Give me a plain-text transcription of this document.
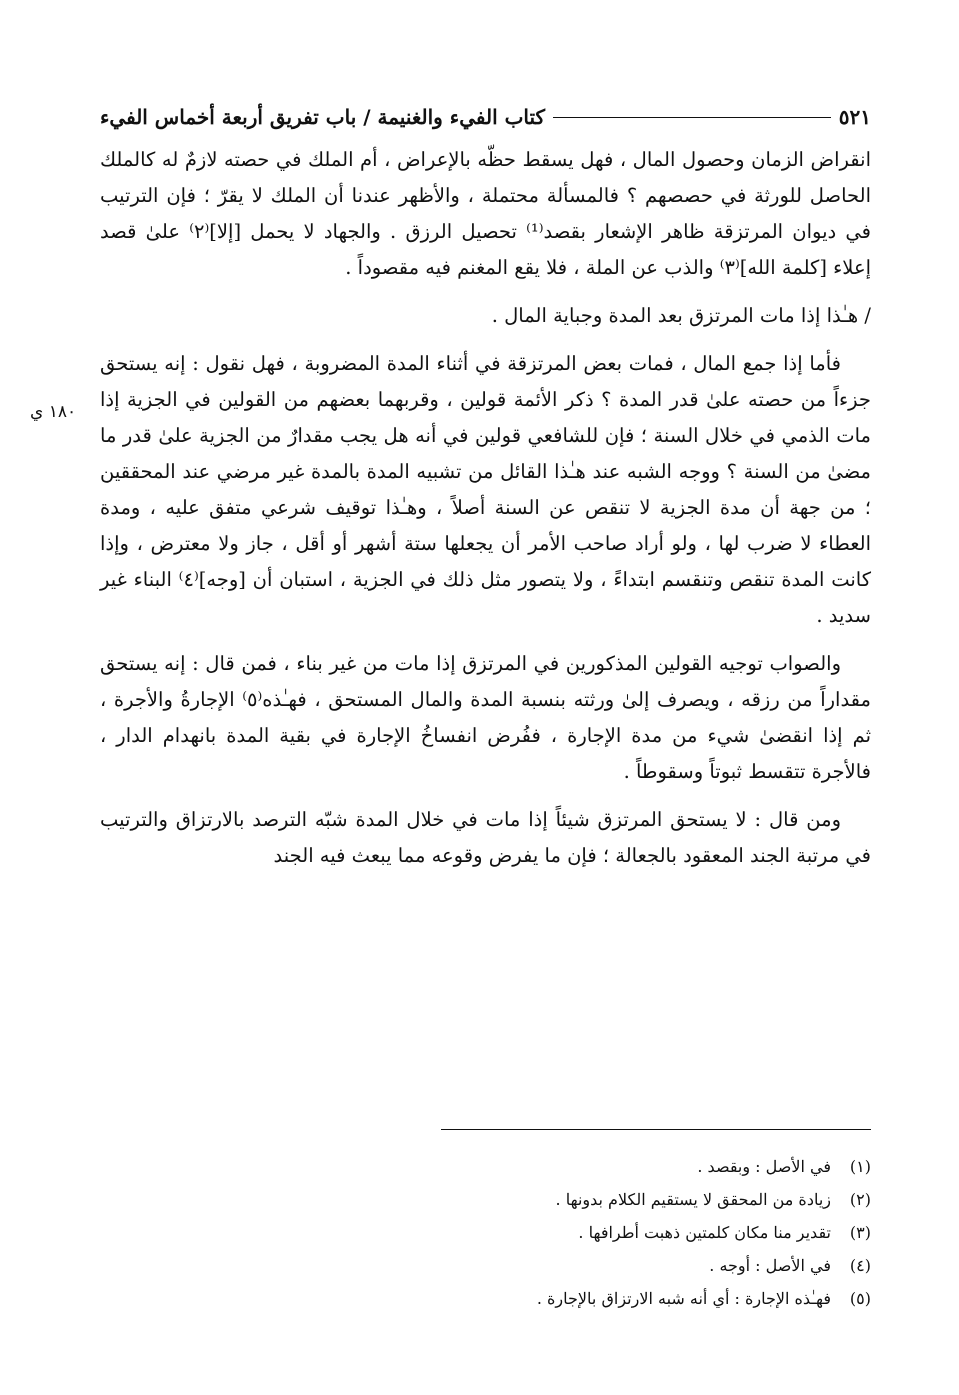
كتاب الفيء والغنيمة / باب تفريق أربعة أخماس الفيء	٥٢١
١٨٠ ي

انقراض الزمان وحصول المال ، فهل يسقط حظّه بالإعراض ، أم الملك في حصته لازمٌ له كالملك الحاصل للورثة في حصصهم ؟ فالمسألة محتملة ، والأظهر عندنا أن الملك لا يقرّ ؛ فإن الترتيب في ديوان المرتزقة ظاهر الإشعار بقصد⁽¹⁾ تحصيل الرزق . والجهاد لا يحمل [إلا]⁽٢⁾ علىٰ قصد إعلاء [كلمة الله]⁽٣⁾ والذب عن الملة ، فلا يقع المغنم فيه مقصوداً .

/ هـٰذا إذا مات المرتزق بعد المدة وجباية المال .

فأما إذا جمع المال ، فمات بعض المرتزقة في أثناء المدة المضروبة ، فهل نقول : إنه يستحق جزءاً من حصته علىٰ قدر المدة ؟ ذكر الأئمة قولين ، وقربهما بعضهم من القولين في الجزية إذا مات الذمي في خلال السنة ؛ فإن للشافعي قولين في أنه هل يجب مقدارٌ من الجزية علىٰ قدر ما مضىٰ من السنة ؟ ووجه الشبه عند هـٰذا القائل من تشبيه المدة بالمدة غير مرضي عند المحققين ؛ من جهة أن مدة الجزية لا تنقص عن السنة أصلاً ، وهـٰذا توقيف شرعي متفق عليه ، ومدة العطاء لا ضرب لها ، ولو أراد صاحب الأمر أن يجعلها ستة أشهر أو أقل ، جاز ولا معترض ، وإذا كانت المدة تنقص وتنقسم ابتداءً ، ولا يتصور مثل ذلك في الجزية ، استبان أن [وجه]⁽٤⁾ البناء غير سديد .

والصواب توجيه القولين المذكورين في المرتزق إذا مات من غير بناء ، فمن قال : إنه يستحق مقداراً من رزقه ، ويصرف إلىٰ ورثته بنسبة المدة والمال المستحق ، فهـٰذه⁽٥⁾ الإجارةُ والأجرة ، ثم إذا انقضىٰ شيء من مدة الإجارة ، ففُرض انفساخُ الإجارة في بقية المدة بانهدام الدار ، فالأجرة تتقسط ثبوتاً وسقوطاً .

ومن قال : لا يستحق المرتزق شيئاً إذا مات في خلال المدة شبّه الترصد بالارتزاق والترتيب في مرتبة الجند المعقود بالجعالة ؛ فإن ما يفرض وقوعه مما يبعث فيه الجند

(١)
في الأصل : وبقصد .
(٢)
زيادة من المحقق لا يستقيم الكلام بدونها .
(٣)
تقدير منا مكان كلمتين ذهبت أطرافها .
(٤)
في الأصل : أوجه .
(٥)
فهـٰذه الإجارة : أي أنه شبه الارتزاق بالإجارة .
